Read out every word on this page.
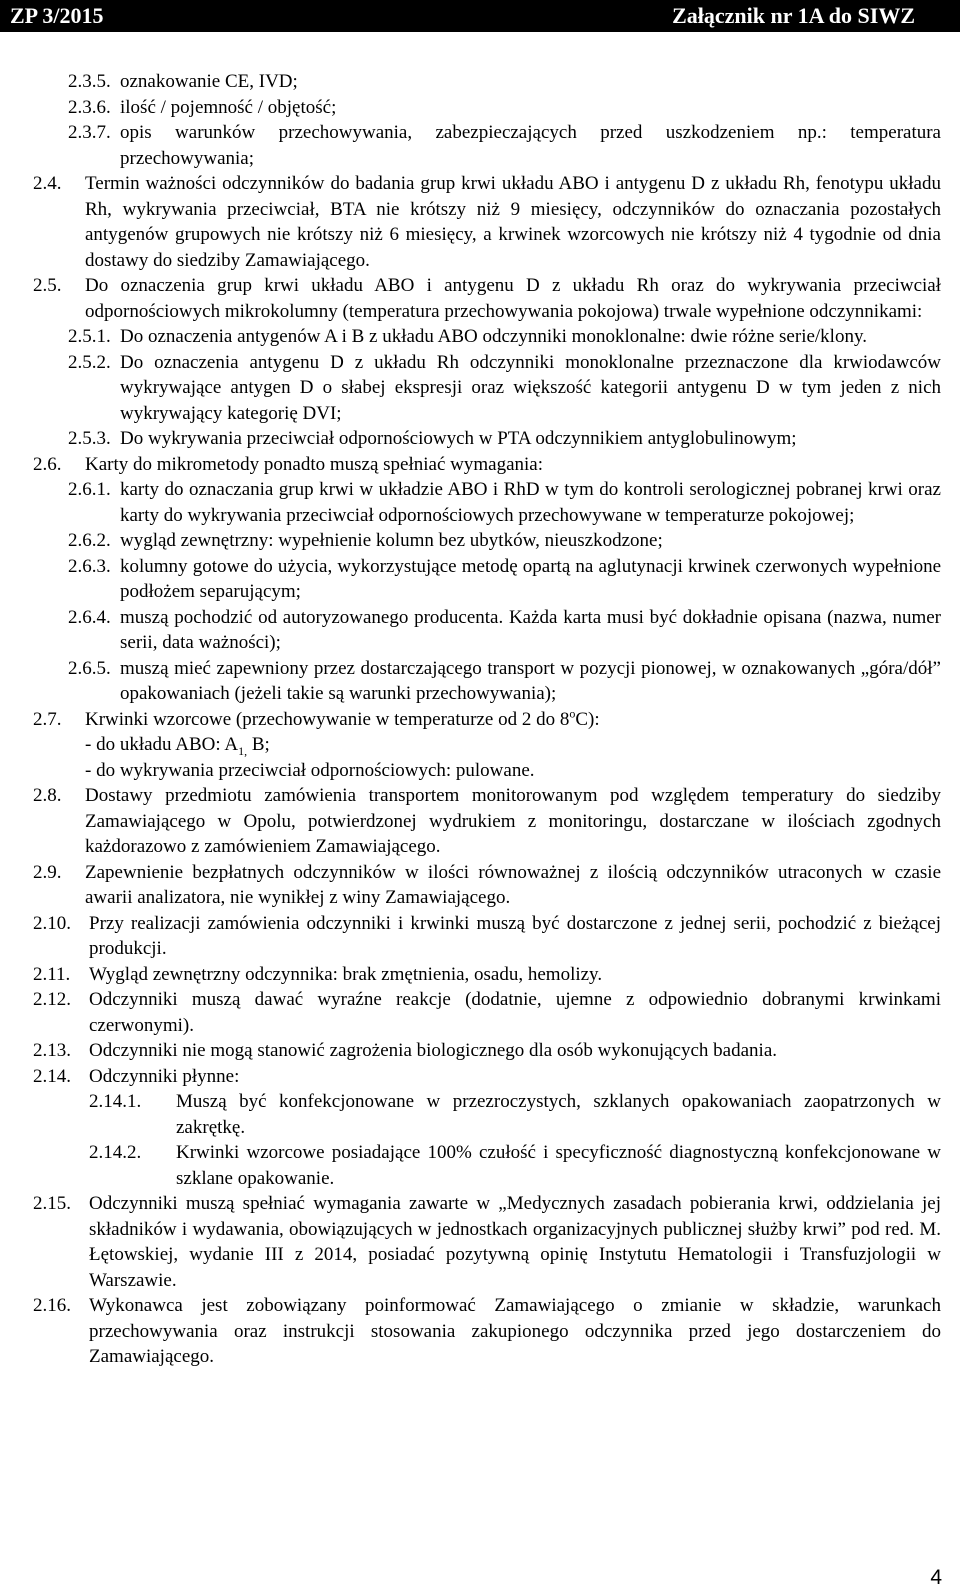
ZP 3/2015	Załącznik nr 1A do SIWZ
2.3.5. oznakowanie CE, IVD;
2.3.6. ilość / pojemność / objętość;
2.3.7. opis warunków przechowywania, zabezpieczających przed uszkodzeniem np.: temperatura przechowywania;
2.4.	Termin ważności odczynników do badania grup krwi układu ABO i antygenu D z układu Rh, fenotypu układu Rh, wykrywania przeciwciał, BTA nie krótszy niż 9 miesięcy, odczynników do oznaczania pozostałych antygenów grupowych nie krótszy niż 6 miesięcy, a krwinek wzorcowych nie krótszy niż 4 tygodnie od dnia dostawy do siedziby Zamawiającego.
2.5.	Do oznaczenia grup krwi układu ABO i antygenu D z układu Rh oraz do wykrywania przeciwciał odpornościowych mikrokolumny (temperatura przechowywania pokojowa) trwale wypełnione odczynnikami:
2.5.1. Do oznaczenia antygenów A i B z układu ABO odczynniki monoklonalne: dwie różne serie/klony.
2.5.2. Do oznaczenia antygenu D z układu Rh odczynniki monoklonalne przeznaczone dla krwiodawców wykrywające antygen D o słabej ekspresji oraz większość kategorii antygenu D w tym jeden z nich wykrywający kategorię DVI;
2.5.3. Do wykrywania przeciwciał odpornościowych w PTA odczynnikiem antyglobulinowym;
2.6.	Karty do mikrometody ponadto muszą spełniać wymagania:
2.6.1. karty do oznaczania grup krwi w układzie ABO i RhD w tym do kontroli serologicznej pobranej krwi oraz karty do wykrywania przeciwciał odpornościowych przechowywane w temperaturze pokojowej;
2.6.2. wygląd zewnętrzny: wypełnienie kolumn bez ubytków, nieuszkodzone;
2.6.3. kolumny gotowe do użycia, wykorzystujące metodę opartą na aglutynacji krwinek czerwonych wypełnione podłożem separującym;
2.6.4. muszą pochodzić od autoryzowanego producenta. Każda karta musi być dokładnie opisana (nazwa, numer serii, data ważności);
2.6.5. muszą mieć zapewniony przez dostarczającego transport w pozycji pionowej, w oznakowanych „góra/dół” opakowaniach (jeżeli takie są warunki przechowywania);
2.7.	Krwinki wzorcowe (przechowywanie w temperaturze od 2 do 8$^o$C):
- do układu ABO: $A_{1,}$ B;
- do wykrywania przeciwciał odpornościowych: pulowane.
2.8.	Dostawy przedmiotu zamówienia transportem monitorowanym pod względem temperatury do siedziby Zamawiającego w Opolu, potwierdzonej wydrukiem z monitoringu, dostarczane w ilościach zgodnych każdorazowo z zamówieniem Zamawiającego.
2.9.	Zapewnienie bezpłatnych odczynników w ilości równoważnej z ilością odczynników utraconych w czasie awarii analizatora, nie wynikłej z winy Zamawiającego.
2.10. Przy realizacji zamówienia odczynniki i krwinki muszą być dostarczone z jednej serii, pochodzić z bieżącej produkcji.
2.11. Wygląd zewnętrzny odczynnika: brak zmętnienia, osadu, hemolizy.
2.12. Odczynniki muszą dawać wyraźne reakcje (dodatnie, ujemne z odpowiednio dobranymi krwinkami czerwonymi).
2.13. Odczynniki nie mogą stanowić zagrożenia biologicznego dla osób wykonujących badania.
2.14. Odczynniki płynne:
2.14.1.	Muszą być konfekcjonowane w przezroczystych, szklanych opakowaniach zaopatrzonych w zakrętkę.
2.14.2.	Krwinki wzorcowe posiadające 100% czułość i specyficzność diagnostyczną konfekcjonowane w szklane opakowanie.
2.15. Odczynniki muszą spełniać wymagania zawarte w „Medycznych zasadach pobierania krwi, oddzielania jej składników i wydawania, obowiązujących w jednostkach organizacyjnych publicznej służby krwi” pod red. M. Łętowskiej, wydanie III z 2014, posiadać pozytywną opinię Instytutu Hematologii i Transfuzjologii w Warszawie.
2.16. Wykonawca jest zobowiązany poinformować Zamawiającego o zmianie w składzie, warunkach przechowywania oraz instrukcji stosowania zakupionego odczynnika przed jego dostarczeniem do Zamawiającego.
4
